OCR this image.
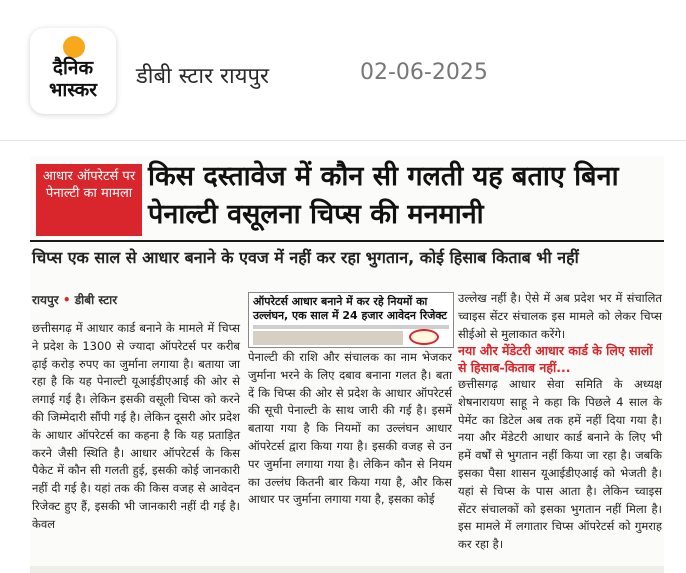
दैनिक
भास्कर
डीबी स्टार रायपुर	02-06-2025
आधार ऑपरेटर्स पर पेनाल्टी का मामला
किस दस्तावेज में कौन सी गलती यह बताए बिना पेनाल्टी वसूलना चिप्स की मनमानी
चिप्स एक साल से आधार बनाने के एवज में नहीं कर रहा भुगतान, कोई हिसाब किताब भी नहीं
रायपुर • डीबी स्टार
छत्तीसगढ़ में आधार कार्ड बनाने के मामले में चिप्स ने प्रदेश के 1300 से ज्यादा ऑपरेटर्स पर करीब ढ़ाई करोड़ रुपए का जुर्माना लगाया है। बताया जा रहा है कि यह पेनाल्टी यूआईडीएआई की ओर से लगाई गई है। लेकिन इसकी वसूली चिप्स को करने की जिम्मेदारी सौंपी गई है। लेकिन दूसरी ओर प्रदेश के आधार ऑपरेटर्स का कहना है कि यह प्रताड़ित करने जैसी स्थिति है। आधार ऑपरेटर्स के किस पैकेट में कौन सी गलती हुई, इसकी कोई जानकारी नहीं दी गई है। यहां तक की किस वजह से आवेदन रिजेक्ट हुए हैं, इसकी भी जानकारी नहीं दी गई है। केवल
ऑपरेटर्स आधार बनाने में कर रहे नियमों का
उल्लंघन, एक साल में 24 हजार आवेदन रिजेक्ट
पेनाल्टी की राशि और संचालक का नाम भेजकर जुर्माना भरने के लिए दबाव बनाना गलत है। बता दें कि चिप्स की ओर से प्रदेश के आधार ऑपरेटर्स की सूची पेनाल्टी के साथ जारी की गई है। इसमें बताया गया है कि नियमों का उल्लंघन आधार ऑपरेटर्स द्वारा किया गया है। इसकी वजह से उन पर जुर्माना लगाया गया है। लेकिन कौन से नियम का उल्लंघ कितनी बार किया गया है, और किस आधार पर जुर्माना लगाया गया है, इसका कोई
उल्लेख नहीं है। ऐसे में अब प्रदेश भर में संचालित च्वाइस सेंटर संचालक इस मामले को लेकर चिप्स सीईओ से मुलाकात करेंगे।
नया और मेंडेटरी आधार कार्ड के लिए सालों से हिसाब-किताब नहीं...
छत्तीसगढ़ आधार सेवा समिति के अध्यक्ष शेषनारायण साहू ने कहा कि पिछले 4 साल के पेमेंट का डिटेल अब तक हमें नहीं दिया गया है। नया और मेंडेटरी आधार कार्ड बनाने के लिए भी हमें वर्षों से भुगतान नहीं किया जा रहा है। जबकि इसका पैसा शासन यूआईडीएआई को भेजती है। यहां से चिप्स के पास आता है। लेकिन च्वाइस सेंटर संचालकों को इसका भुगतान नहीं मिला है। इस मामले में लगातार चिप्स ऑपरेटर्स को गुमराह कर रहा है।
